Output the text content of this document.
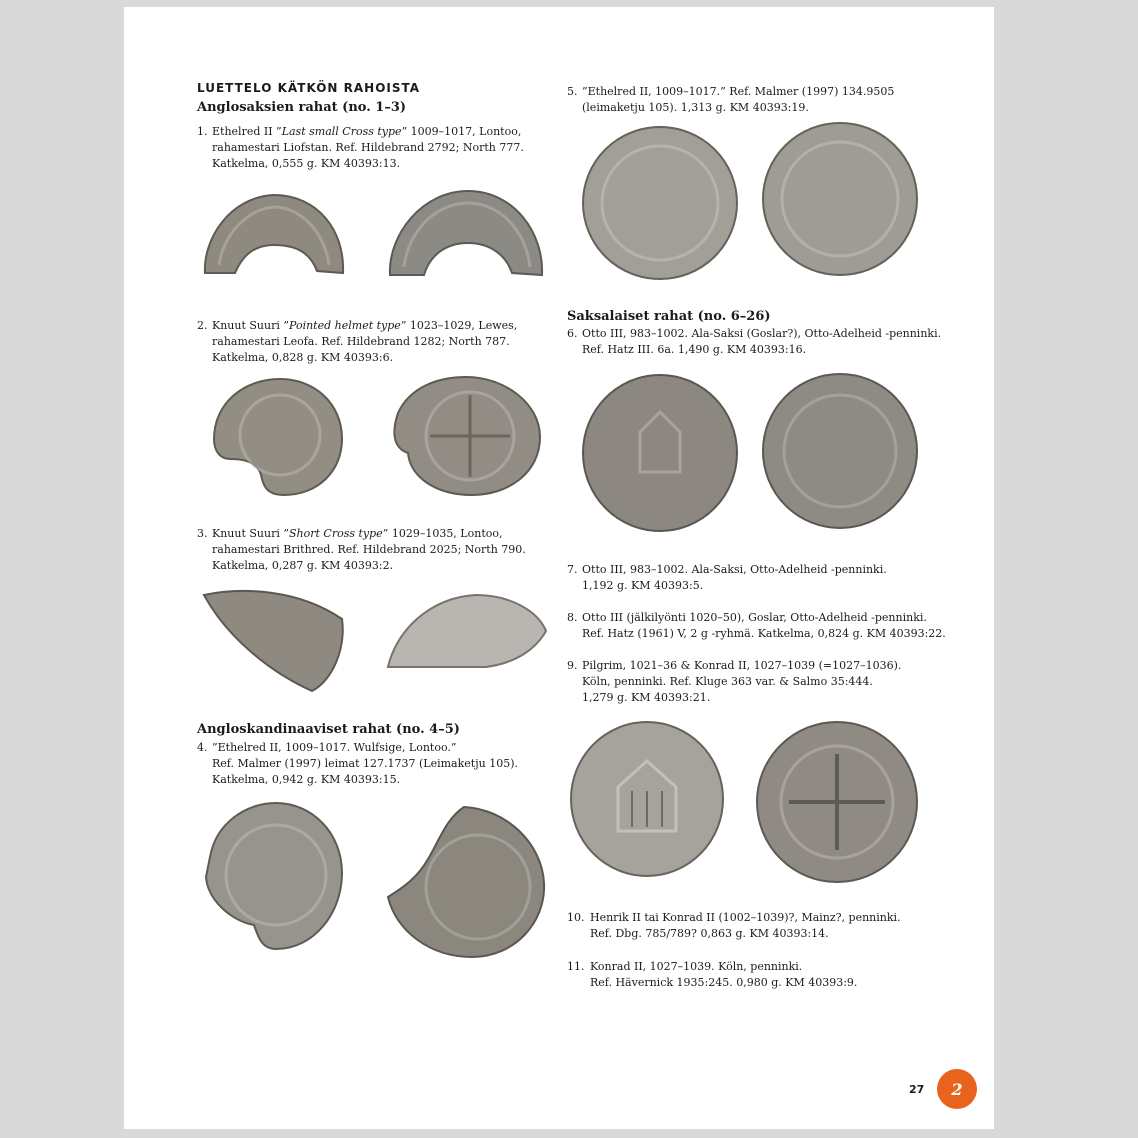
LUETTELO KÄTKÖN RAHOISTA
Anglosaksien rahat (no. 1–3)
1. Ethelred II ”Last small Cross type” 1009–1017, Lontoo,
rahamestari Liofstan. Ref. Hildebrand 2792; North 777.
Katkelma, 0,555 g. KM 40393:13.
2. Knuut Suuri ”Pointed helmet type” 1023–1029, Lewes,
rahamestari Leofa. Ref. Hildebrand 1282; North 787.
Katkelma, 0,828 g. KM 40393:6.
3. Knuut Suuri ”Short Cross type” 1029–1035, Lontoo,
rahamestari Brithred. Ref. Hildebrand 2025; North 790.
Katkelma, 0,287 g. KM 40393:2.
Angloskandinaaviset rahat (no. 4–5)
4. ”Ethelred II, 1009–1017. Wulfsige, Lontoo.”
Ref. Malmer (1997) leimat 127.1737 (Leimaketju 105).
Katkelma, 0,942 g. KM 40393:15.
5. ”Ethelred II, 1009–1017.” Ref. Malmer (1997) 134.9505
(leimaketju 105). 1,313 g. KM 40393:19.
Saksalaiset rahat (no. 6–26)
6. Otto III, 983–1002. Ala-Saksi (Goslar?), Otto-Adelheid -penninki.
Ref. Hatz III. 6a. 1,490 g. KM 40393:16.
7. Otto III, 983–1002. Ala-Saksi, Otto-Adelheid -penninki.
1,192 g. KM 40393:5.
8. Otto III (jälkilyönti 1020–50), Goslar, Otto-Adelheid -penninki.
Ref. Hatz (1961) V, 2 g -ryhmä. Katkelma, 0,824 g. KM 40393:22.
9. Pilgrim, 1021–36 & Konrad II, 1027–1039 (=1027–1036).
Köln, penninki. Ref. Kluge 363 var. & Salmo 35:444.
1,279 g. KM 40393:21.
10. Henrik II tai Konrad II (1002–1039)?, Mainz?, penninki.
Ref. Dbg. 785/789? 0,863 g. KM 40393:14.
11. Konrad II, 1027–1039. Köln, penninki.
Ref. Hävernick 1935:245. 0,980 g. KM 40393:9.
27	2
